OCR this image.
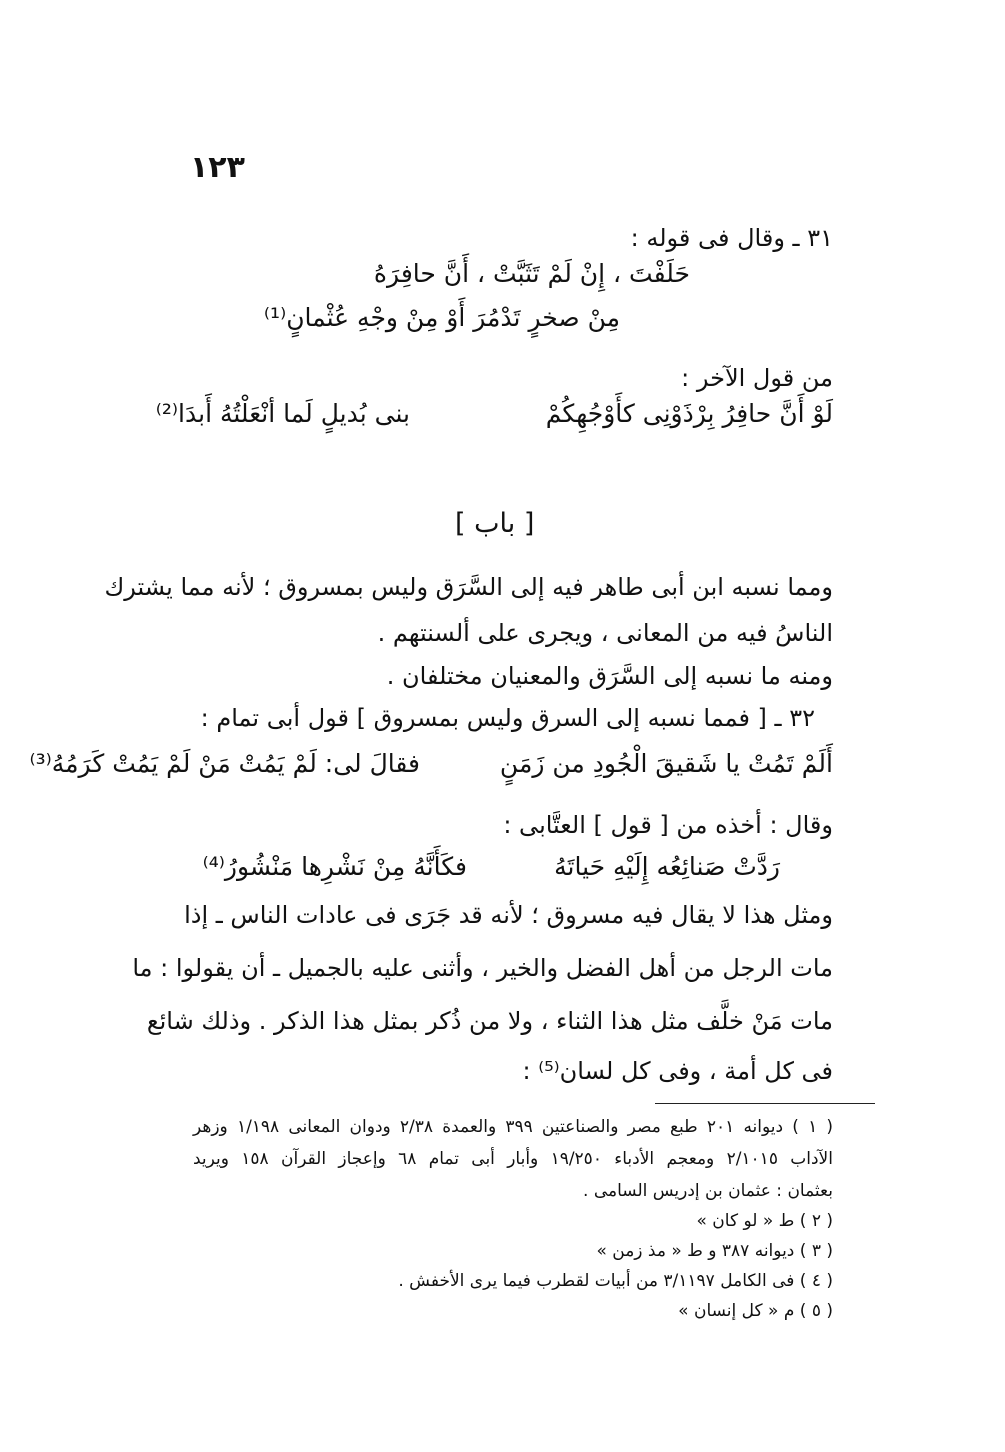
١٢٣

٣١ ـ وقال فى قوله :

حَلَفْتَ ، إِنْ لَمْ تَثَبَّتْ ، أَنَّ حافِرَهُ

مِنْ صخرٍ تَدْمُرَ أَوْ مِنْ وجْهِ عُثْمانٍ⁽¹⁾

من قول الآخر :

لَوْ أَنَّ حافِرُ بِرْذَوْنِى كأَوْجُهِكُمْ

بنى بُديلٍ لَما أنْعَلْتُهُ أَبدَا⁽²⁾

[ باب ]

ومما نسبه ابن أبى طاهر فيه إلى السَّرَق وليس بمسروق ؛ لأنه مما يشترك

الناسُ فيه من المعانى ، ويجرى على ألسنتهم .

ومنه ما نسبه إلى السَّرَق والمعنيان مختلفان .

٣٢ ـ [ فمما نسبه إلى السرق وليس بمسروق ] قول أبى تمام :

أَلَمْ تَمُتْ يا شَقيقَ الْجُودِ من زَمَنٍ

فقالَ لى: لَمْ يَمُتْ مَنْ لَمْ يَمُتْ كَرَمُهُ⁽³⁾

وقال : أخذه من [ قول ] العتَّابى :

رَدَّتْ صَنائِعُه إِلَيْهِ حَياتَهُ

فكَأَنَّهُ مِنْ نَشْرِها مَنْشُورُ⁽⁴⁾

ومثل هذا لا يقال فيه مسروق ؛ لأنه قد جَرَى فى عادات الناس ـ إذا

مات الرجل من أهل الفضل والخير ، وأثنى عليه بالجميل ـ أن يقولوا : ما

مات مَنْ خلَّف مثل هذا الثناء ، ولا من ذُكر بمثل هذا الذكر . وذلك شائع

فى كل أمة ، وفى كل لسان⁽⁵⁾ :

( ١ ) ديوانه ٢٠١ طبع مصر والصناعتين ٣٩٩ والعمدة ٢/٣٨ ودوان المعانى ١/١٩٨ وزهر

الآداب ٢/١٠١٥ ومعجم الأدباء ١٩/٢٥٠ وأبار أبى تمام ٦٨ وإعجاز القرآن ١٥٨ ويريد

بعثمان : عثمان بن إدريس السامى .

( ٢ ) ط « لو كان »

( ٣ ) ديوانه ٣٨٧ و ط « مذ زمن »

( ٤ ) فى الكامل ٣/١١٩٧ من أبيات لقطرب فيما يرى الأخفش .

( ٥ ) م « كل إنسان »
